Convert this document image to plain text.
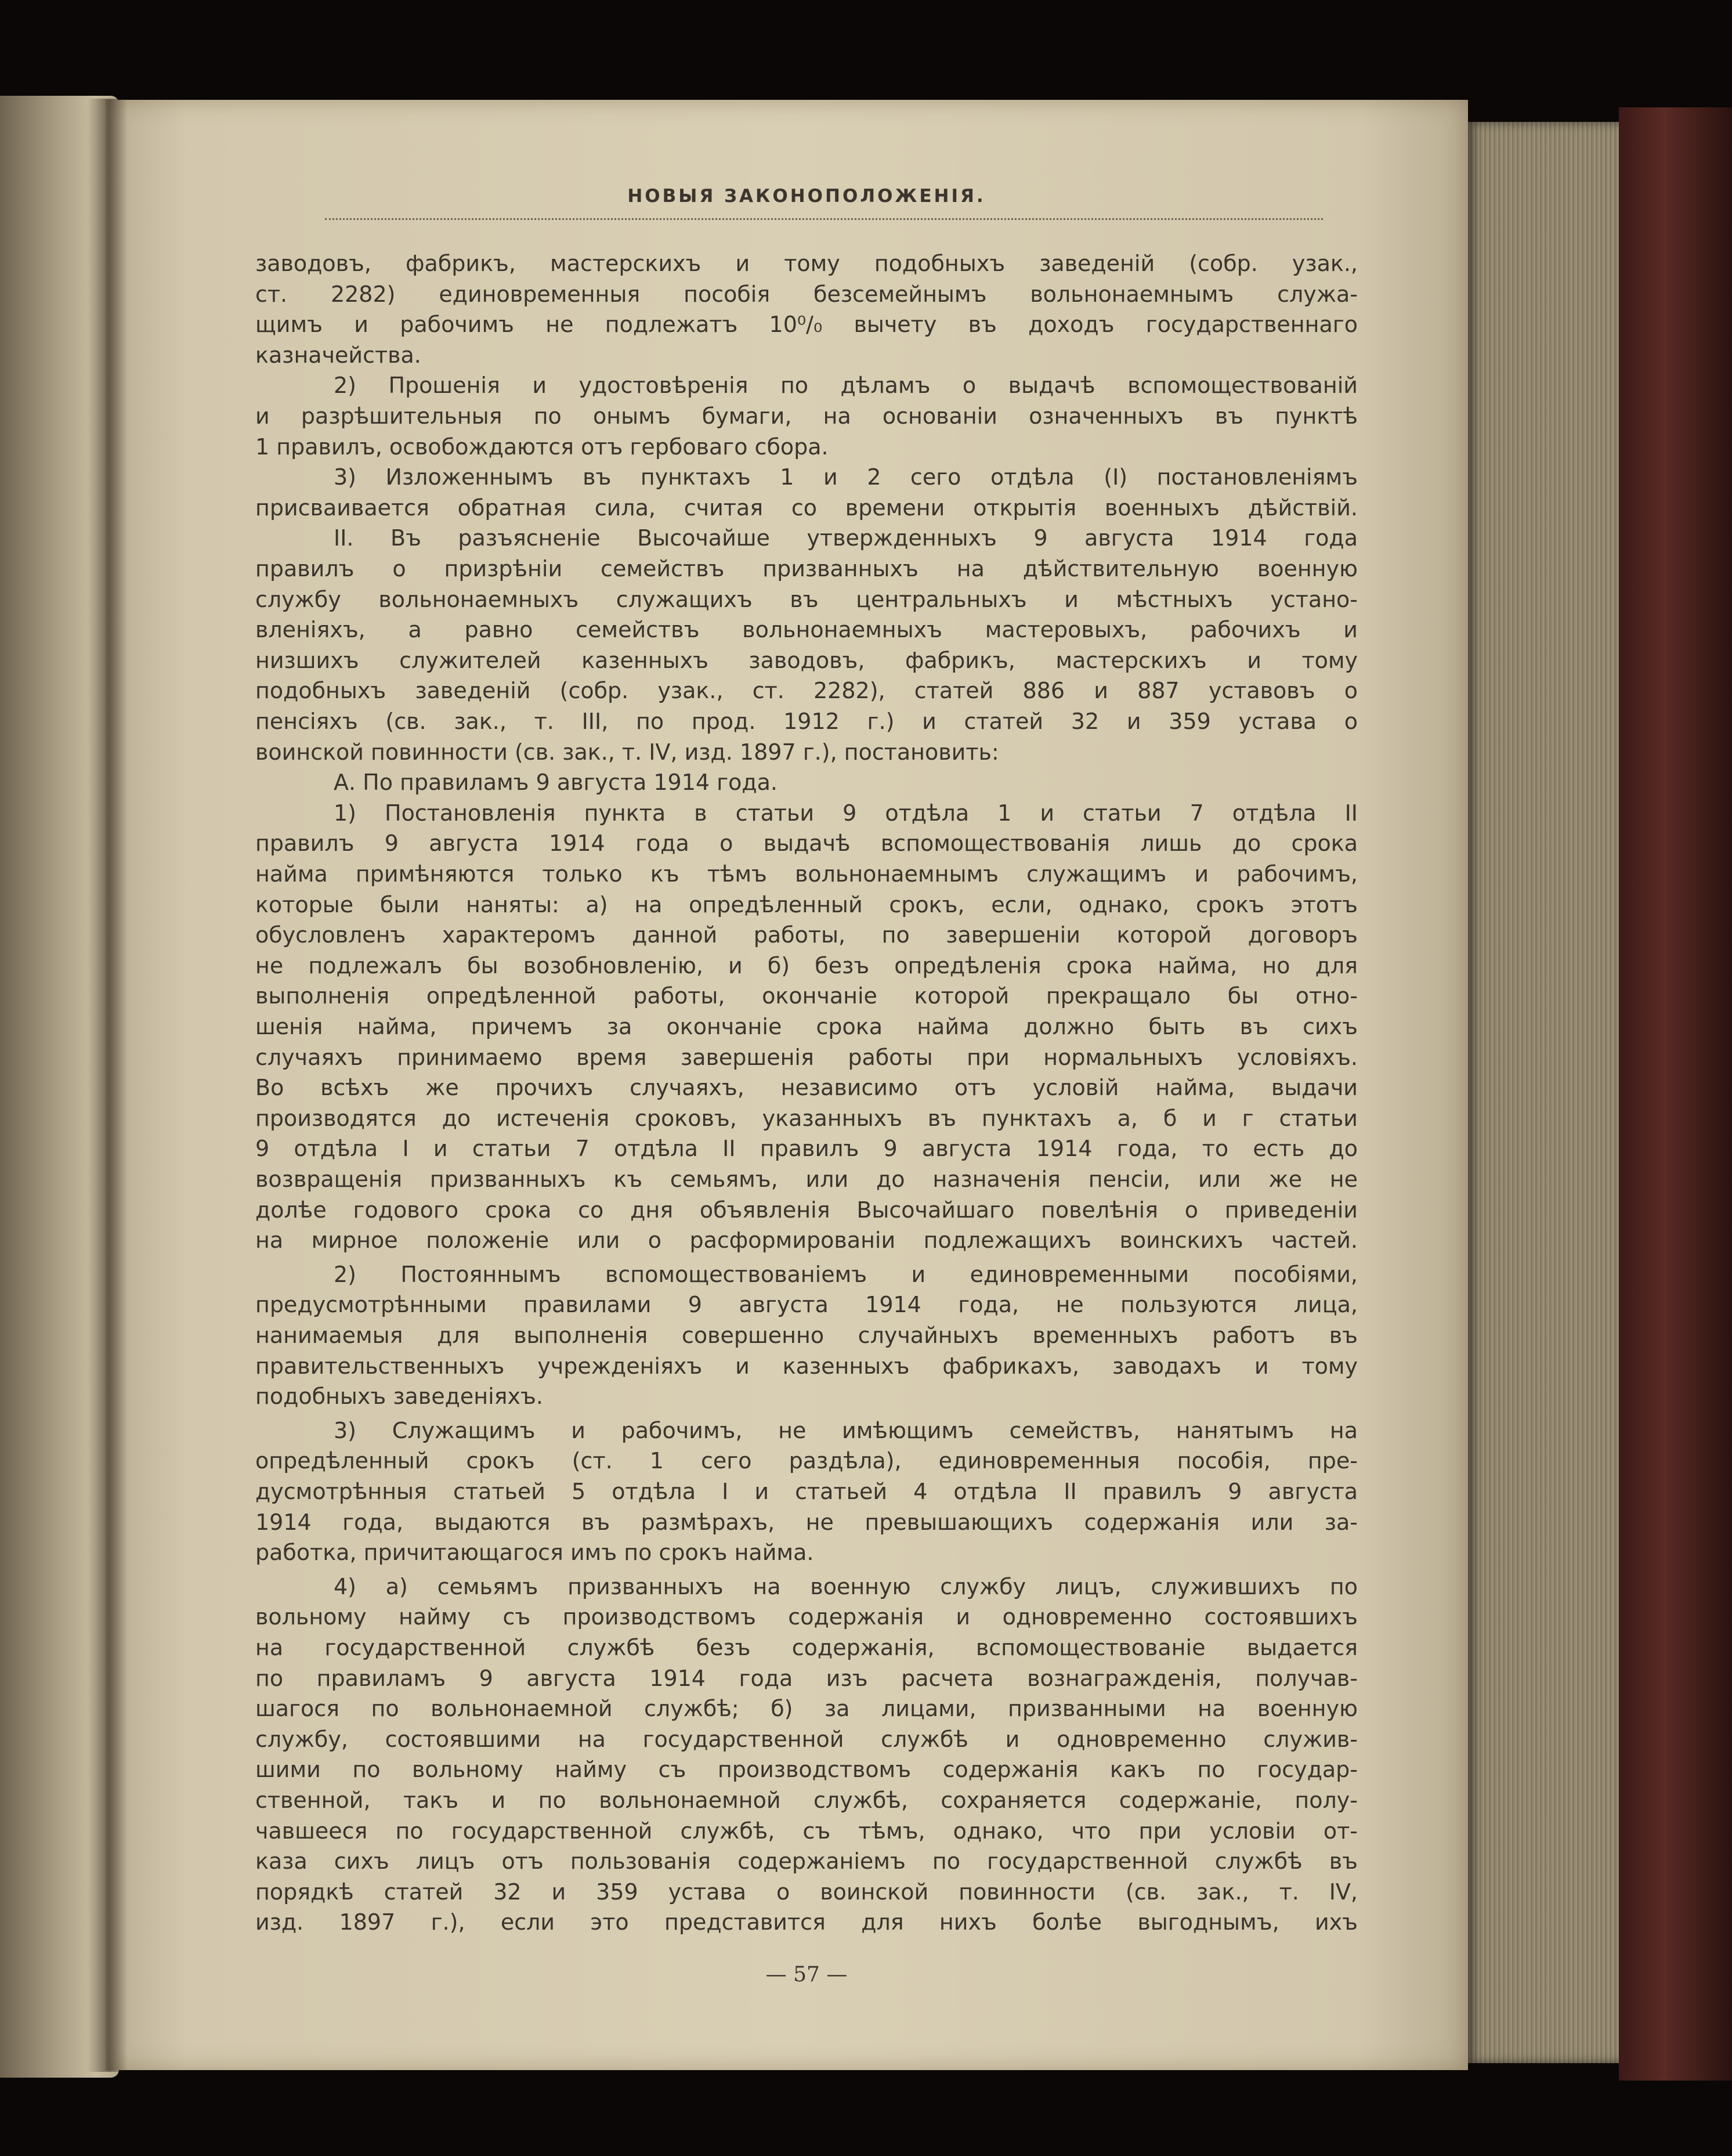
НОВЫЯ ЗАКОНОПОЛОЖЕНІЯ.
заводовъ, фабрикъ, мастерскихъ и тому подобныхъ заведеній (собр. узак.,
ст. 2282) единовременныя пособія безсемейнымъ вольнонаемнымъ служа-
щимъ и рабочимъ не подлежатъ 10⁰/₀ вычету въ доходъ государственнаго
казначейства.
2) Прошенія и удостовѣренія по дѣламъ о выдачѣ вспомоществованій
и разрѣшительныя по онымъ бумаги, на основаніи означенныхъ въ пунктѣ
1 правилъ, освобождаются отъ гербоваго сбора.
3) Изложеннымъ въ пунктахъ 1 и 2 сего отдѣла (I) постановленіямъ
присваивается обратная сила, считая со времени открытія военныхъ дѣйствій.
II. Въ разъясненіе Высочайше утвержденныхъ 9 августа 1914 года
правилъ о призрѣніи семействъ призванныхъ на дѣйствительную военную
службу вольнонаемныхъ служащихъ въ центральныхъ и мѣстныхъ устано-
вленіяхъ, а равно семействъ вольнонаемныхъ мастеровыхъ, рабочихъ и
низшихъ служителей казенныхъ заводовъ, фабрикъ, мастерскихъ и тому
подобныхъ заведеній (собр. узак., ст. 2282), статей 886 и 887 уставовъ о
пенсіяхъ (св. зак., т. III, по прод. 1912 г.) и статей 32 и 359 устава о
воинской повинности (св. зак., т. IV, изд. 1897 г.), постановить:
А. По правиламъ 9 августа 1914 года.
1) Постановленія пункта в статьи 9 отдѣла 1 и статьи 7 отдѣла II
правилъ 9 августа 1914 года о выдачѣ вспомоществованія лишь до срока
найма примѣняются только къ тѣмъ вольнонаемнымъ служащимъ и рабочимъ,
которые были наняты: а) на опредѣленный срокъ, если, однако, срокъ этотъ
обусловленъ характеромъ данной работы, по завершеніи которой договоръ
не подлежалъ бы возобновленію, и б) безъ опредѣленія срока найма, но для
выполненія опредѣленной работы, окончаніе которой прекращало бы отно-
шенія найма, причемъ за окончаніе срока найма должно быть въ сихъ
случаяхъ принимаемо время завершенія работы при нормальныхъ условіяхъ.
Во всѣхъ же прочихъ случаяхъ, независимо отъ условій найма, выдачи
производятся до истеченія сроковъ, указанныхъ въ пунктахъ а, б и г статьи
9 отдѣла I и статьи 7 отдѣла II правилъ 9 августа 1914 года, то есть до
возвращенія призванныхъ къ семьямъ, или до назначенія пенсіи, или же не
долѣе годового срока со дня объявленія Высочайшаго повелѣнія о приведеніи
на мирное положеніе или о расформированіи подлежащихъ воинскихъ частей.
2) Постояннымъ вспомоществованіемъ и единовременными пособіями,
предусмотрѣнными правилами 9 августа 1914 года, не пользуются лица,
нанимаемыя для выполненія совершенно случайныхъ временныхъ работъ въ
правительственныхъ учрежденіяхъ и казенныхъ фабрикахъ, заводахъ и тому
подобныхъ заведеніяхъ.
3) Служащимъ и рабочимъ, не имѣющимъ семействъ, нанятымъ на
опредѣленный срокъ (ст. 1 сего раздѣла), единовременныя пособія, пре-
дусмотрѣнныя статьей 5 отдѣла I и статьей 4 отдѣла II правилъ 9 августа
1914 года, выдаются въ размѣрахъ, не превышающихъ содержанія или за-
работка, причитающагося имъ по срокъ найма.
4) а) семьямъ призванныхъ на военную службу лицъ, служившихъ по
вольному найму съ производствомъ содержанія и одновременно состоявшихъ
на государственной службѣ безъ содержанія, вспомоществованіе выдается
по правиламъ 9 августа 1914 года изъ расчета вознагражденія, получав-
шагося по вольнонаемной службѣ; б) за лицами, призванными на военную
службу, состоявшими на государственной службѣ и одновременно служив-
шими по вольному найму съ производствомъ содержанія какъ по государ-
ственной, такъ и по вольнонаемной службѣ, сохраняется содержаніе, полу-
чавшееся по государственной службѣ, съ тѣмъ, однако, что при условіи от-
каза сихъ лицъ отъ пользованія содержаніемъ по государственной службѣ въ
порядкѣ статей 32 и 359 устава о воинской повинности (св. зак., т. IV,
изд. 1897 г.), если это представится для нихъ болѣе выгоднымъ, ихъ
— 57 —
